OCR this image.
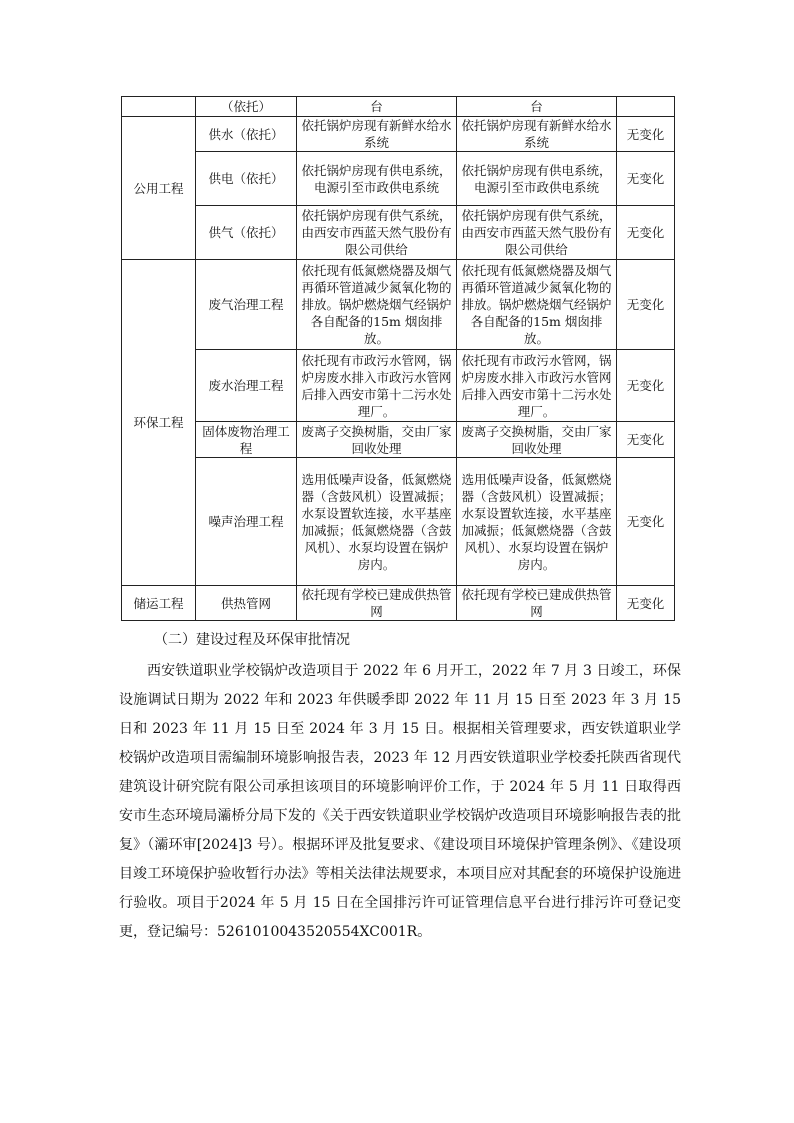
	（依托）	台	台	
公用工程	供水（依托）	依托锅炉房现有新鲜水给水系统	依托锅炉房现有新鲜水给水系统	无变化
	供电（依托）	依托锅炉房现有供电系统，电源引至市政供电系统	依托锅炉房现有供电系统，电源引至市政供电系统	无变化
	供气（依托）	依托锅炉房现有供气系统，由西安市西蓝天然气股份有限公司供给	依托锅炉房现有供气系统，由西安市西蓝天然气股份有限公司供给	无变化
环保工程	废气治理工程	依托现有低氮燃烧器及烟气再循环管道减少氮氧化物的排放。锅炉燃烧烟气经锅炉各自配备的15m 烟囱排放。	依托现有低氮燃烧器及烟气再循环管道减少氮氧化物的排放。锅炉燃烧烟气经锅炉各自配备的15m 烟囱排放。	无变化
	废水治理工程	依托现有市政污水管网，锅炉房废水排入市政污水管网后排入西安市第十二污水处理厂。	依托现有市政污水管网，锅炉房废水排入市政污水管网后排入西安市第十二污水处理厂。	无变化
	固体废物治理工程	废离子交换树脂，交由厂家回收处理	废离子交换树脂，交由厂家回收处理	无变化
	噪声治理工程	选用低噪声设备，低氮燃烧器（含鼓风机）设置减振；水泵设置软连接，水平基座加减振；低氮燃烧器（含鼓风机）、水泵均设置在锅炉房内。	选用低噪声设备，低氮燃烧器（含鼓风机）设置减振；水泵设置软连接，水平基座加减振；低氮燃烧器（含鼓风机）、水泵均设置在锅炉房内。	无变化
储运工程	供热管网	依托现有学校已建成供热管网	依托现有学校已建成供热管网	无变化
（二）建设过程及环保审批情况
西安铁道职业学校锅炉改造项目于 2022 年 6 月开工，2022 年 7 月 3 日竣工，环保设施调试日期为 2022 年和 2023 年供暖季即 2022 年 11 月 15 日至 2023 年 3 月 15 日和 2023 年 11 月 15 日至 2024 年 3 月 15 日。根据相关管理要求，西安铁道职业学校锅炉改造项目需编制环境影响报告表，2023 年 12 月西安铁道职业学校委托陕西省现代建筑设计研究院有限公司承担该项目的环境影响评价工作，于 2024 年 5 月 11 日取得西安市生态环境局灞桥分局下发的《关于西安铁道职业学校锅炉改造项目环境影响报告表的批复》（灞环审[2024]3 号）。根据环评及批复要求、《建设项目环境保护管理条例》、《建设项目竣工环境保护验收暂行办法》等相关法律法规要求，本项目应对其配套的环境保护设施进行验收。项目于2024 年 5 月 15 日在全国排污许可证管理信息平台进行排污许可登记变更，登记编号：5261010043520554XC001R。
